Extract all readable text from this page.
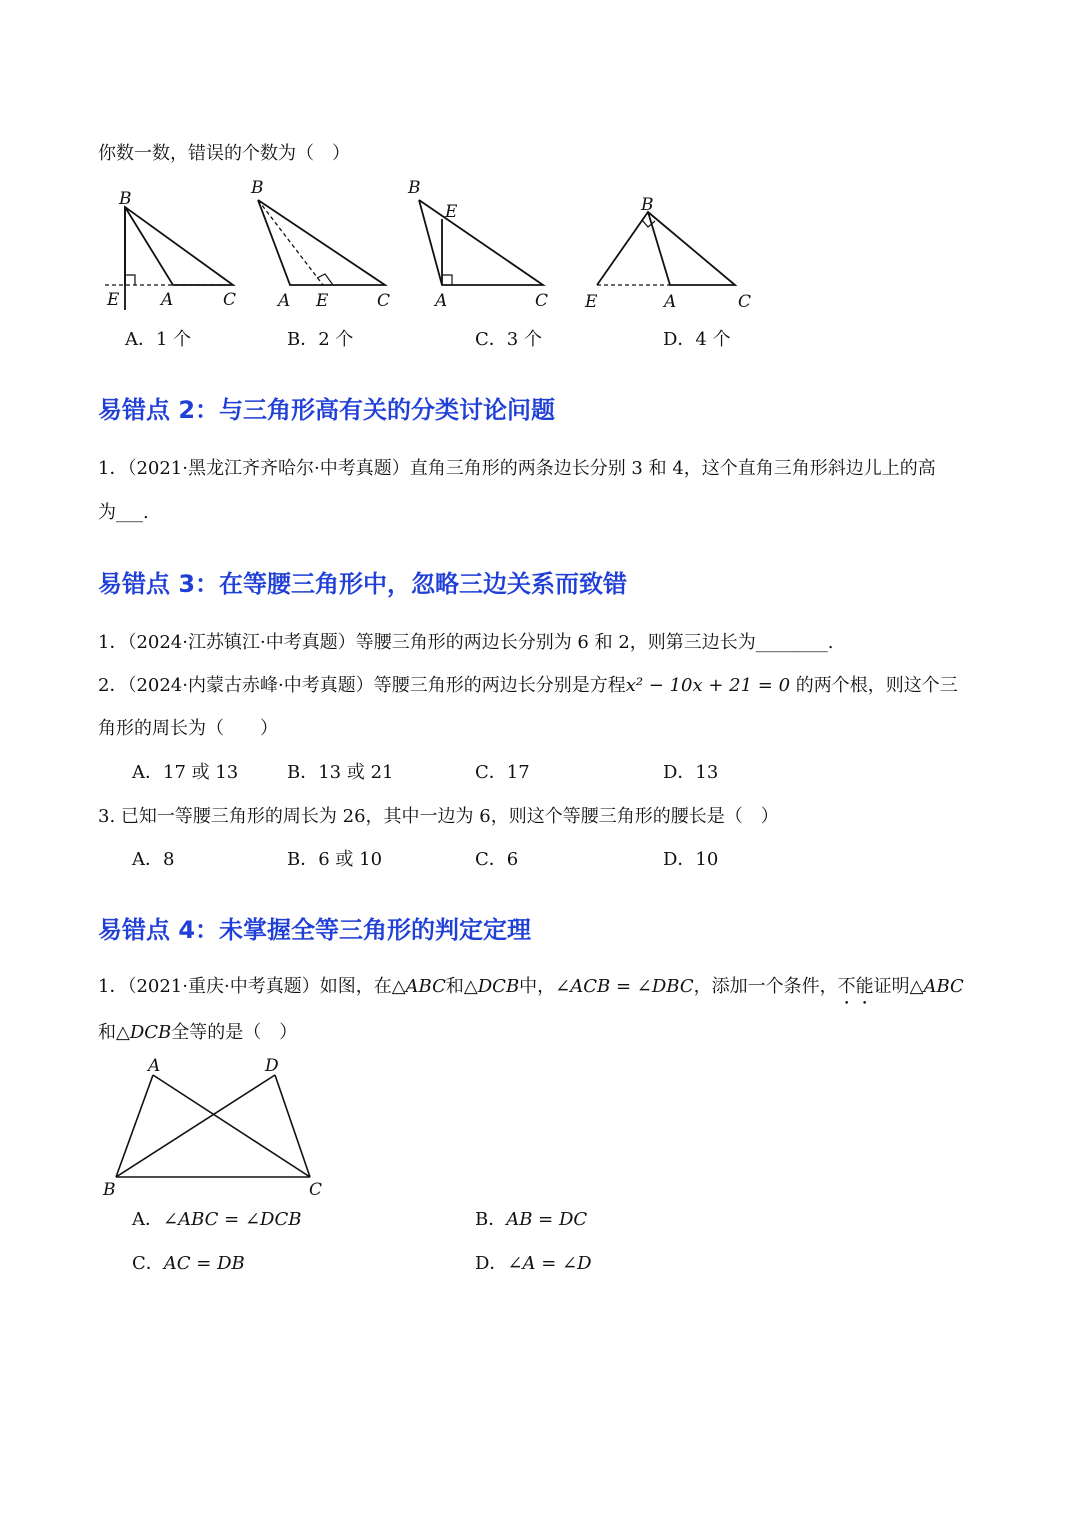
你数一数，错误的个数为（　）
B
E A	C
B
A E	C
B
E
A	C
B
E	A	C
A．1 个	B．2 个	C．3 个	D．4 个
易错点 2：与三角形高有关的分类讨论问题
1．（2021·黑龙江齐齐哈尔·中考真题）直角三角形的两条边长分别 3 和 4，这个直角三角形斜边儿上的高
为___.
易错点 3：在等腰三角形中，忽略三边关系而致错
1．（2024·江苏镇江·中考真题）等腰三角形的两边长分别为 6 和 2，则第三边长为________.
2．（2024·内蒙古赤峰·中考真题）等腰三角形的两边长分别是方程x² − 10x + 21 = 0 的两个根，则这个三
角形的周长为（　　）
A．17 或 13	B．13 或 21	C．17	D．13
3. 已知一等腰三角形的周长为 26，其中一边为 6，则这个等腰三角形的腰长是（　）
A．8	B．6 或 10	C．6	D．10
易错点 4：未掌握全等三角形的判定定理
1．（2021·重庆·中考真题）如图，在△ABC和△DCB中，∠ACB = ∠DBC，添加一个条件，不能证明△ABC
和△DCB全等的是（　）
A	D
B	C
A．∠ABC = ∠DCB	B．AB = DC
C．AC = DB	D．∠A = ∠D
